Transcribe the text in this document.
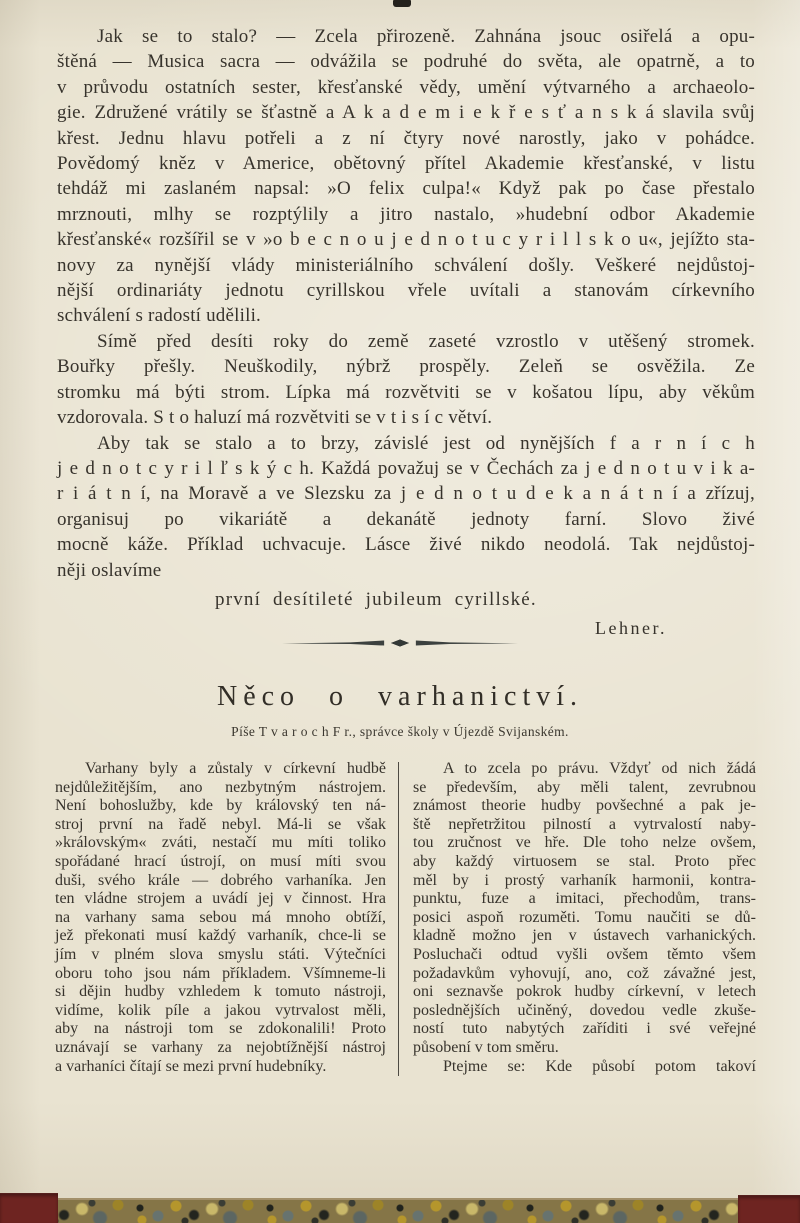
Jak se to stalo? — Zcela přirozeně. Zahnána jsouc osiřelá a opu-
štěná — Musica sacra — odvážila se podruhé do světa, ale opatrně, a to
v průvodu ostatních sester, křesťanské vědy, umění výtvarného a archaeolo-
gie. Združené vrátily se šťastně a A k a d e m i e k ř e s ť a n s k á slavila svůj
křest. Jednu hlavu potřeli a z ní čtyry nové narostly, jako v pohádce.
Povědomý kněz v Americe, obětovný přítel Akademie křesťanské, v listu
tehdáž mi zaslaném napsal: »O felix culpa!« Když pak po čase přestalo
mrznouti, mlhy se rozptýlily a jitro nastalo, »hudební odbor Akademie
křesťanské« rozšířil se v »o b e c n o u j e d n o t u c y r i l l s k o u«, jejížto sta-
novy za nynější vlády ministeriálního schválení došly. Veškeré nejdůstoj-
nější ordinariáty jednotu cyrillskou vřele uvítali a stanovám církevního
schválení s radostí udělili.
Símě před desíti roky do země zaseté vzrostlo v utěšený stromek.
Bouřky přešly. Neuškodily, nýbrž prospěly. Zeleň se osvěžila. Ze
stromku má býti strom. Lípka má rozvětviti se v košatou lípu, aby věkům
vzdorovala. S t o haluzí má rozvětviti se v t i s í c větví.
Aby tak se stalo a to brzy, závislé jest od nynějších f a r n í c h
j e d n o t c y r i l ľ s k ý c h. Každá považuj se v Čechách za j e d n o t u v i k a-
r i á t n í, na Moravě a ve Slezsku za j e d n o t u d e k a n á t n í a zřízuj,
organisuj po vikariátě a dekanátě jednoty farní. Slovo živé
mocně káže. Příklad uchvacuje. Lásce živé nikdo neodolá. Tak nejdůstoj-
něji oslavíme
první desítileté jubileum cyrillské.
Lehner.
Něco o varhanictví.
Píše T v a r o c h F r., správce školy v Újezdě Svijanském.
Varhany byly a zůstaly v církevní hudbě
nejdůležitějším, ano nezbytným nástrojem.
Není bohoslužby, kde by královský ten ná-
stroj první na řadě nebyl. Má-li se však
»královským« zváti, nestačí mu míti toliko
spořádané hrací ústrojí, on musí míti svou
duši, svého krále — dobrého varhaníka. Jen
ten vládne strojem a uvádí jej v činnost. Hra
na varhany sama sebou má mnoho obtíží,
jež překonati musí každý varhaník, chce-li se
jím v plném slova smyslu státi. Výtečníci
oboru toho jsou nám příkladem. Všímneme-li
si dějin hudby vzhledem k tomuto nástroji,
vidíme, kolik píle a jakou vytrvalost měli,
aby na nástroji tom se zdokonalili! Proto
uznávají se varhany za nejobtížnější nástroj
a varhaníci čítají se mezi první hudebníky.
A to zcela po právu. Vždyť od nich žádá
se především, aby měli talent, zevrubnou
známost theorie hudby povšechné a pak je-
ště nepřetržitou pilností a vytrvalostí naby-
tou zručnost ve hře. Dle toho nelze ovšem,
aby každý virtuosem se stal. Proto přec
měl by i prostý varhaník harmonii, kontra-
punktu, fuze a imitaci, přechodům, trans-
posici aspoň rozuměti. Tomu naučiti se dů-
kladně možno jen v ústavech varhanických.
Posluchači odtud vyšli ovšem těmto všem
požadavkům vyhovují, ano, což závažné jest,
oni seznavše pokrok hudby církevní, v letech
poslednějších učiněný, dovedou vedle zkuše-
ností tuto nabytých zaříditi i své veřejné
působení v tom směru.
Ptejme se: Kde působí potom takoví
